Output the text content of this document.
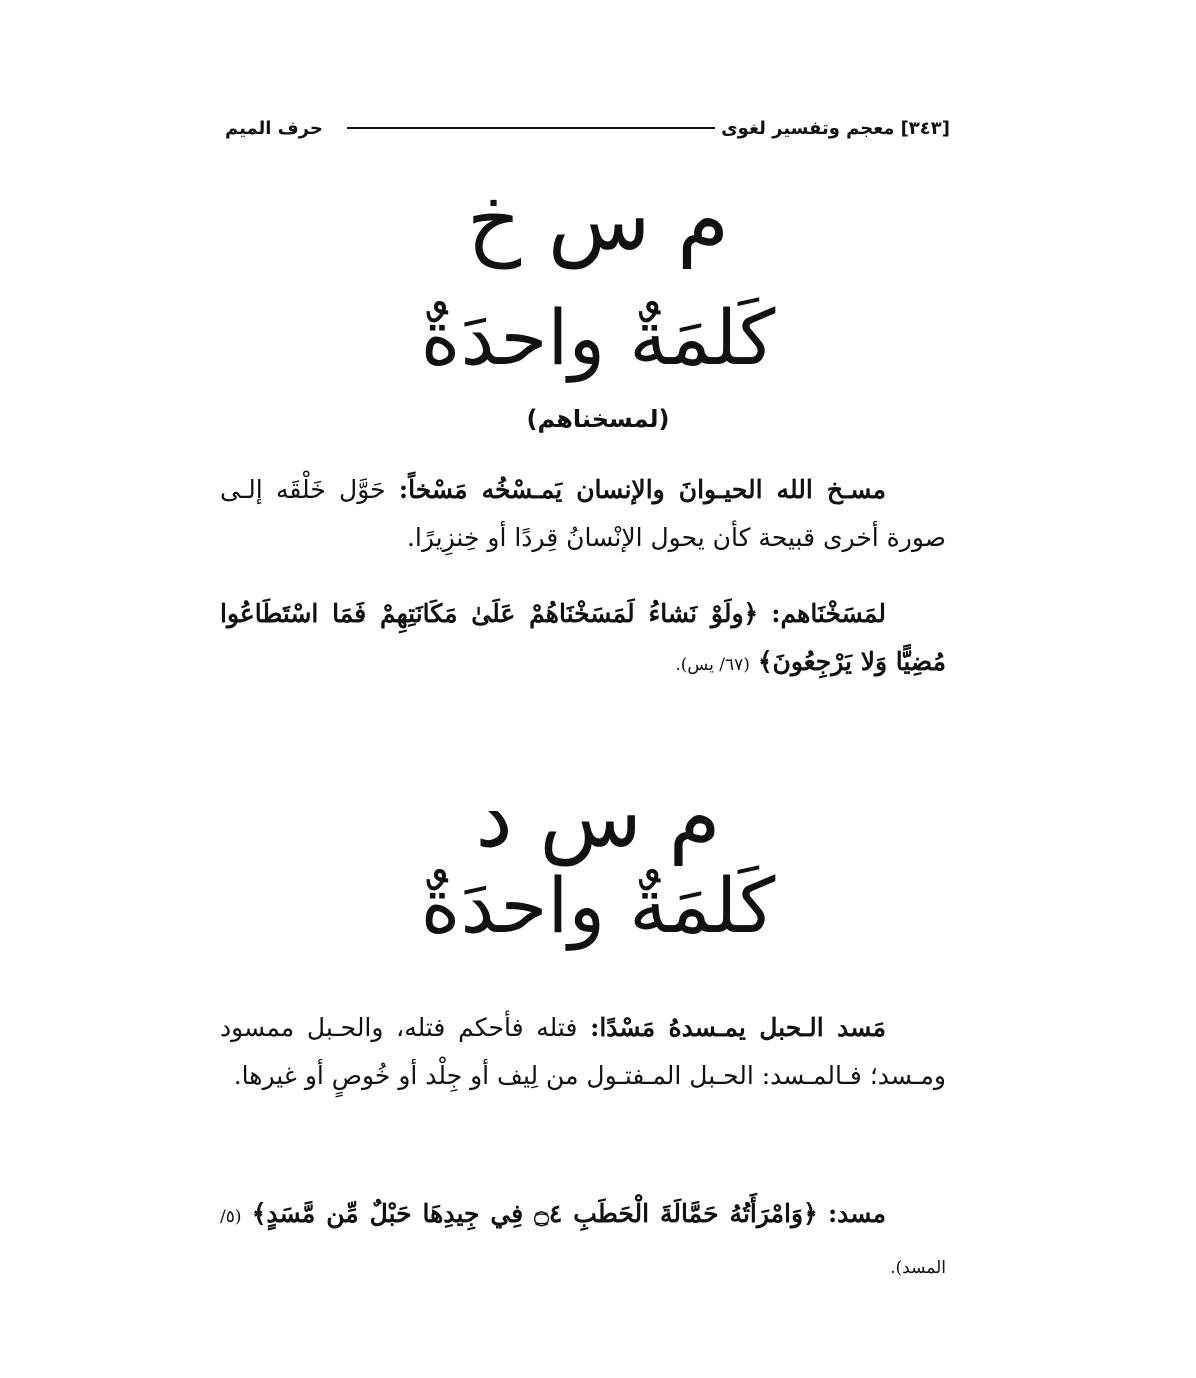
[٣٤٣]
معجم وتفسير لغوى
حرف الميم
م س خ
كَلمَةٌ واحدَةٌ
(لمسخناهم)
مسـخ الله الحيـوانَ والإنسان يَمـسْخُه مَسْخاً: حَوَّل خَلْقَه إلـى صورة أخرى قبيحة كأن يحول الإنْسانُ قِردًا أو خِنزِيرًا.
لمَسَخْنَاهم: ﴿ولَوْ نَشاءُ لَمَسَخْنَاهُمْ عَلَىٰ مَكَانَتِهِمْ فَمَا اسْتَطَاعُوا مُضِيًّا وَلا يَرْجِعُونَ﴾ (٦٧/ يس).
م س د
كَلمَةٌ واحدَةٌ
مَسد الـحبل يمـسدهُ مَسْدًا: فتله فأحكم فتله، والحـبل ممسود ومـسد؛ فـالمـسد: الحـبل المـفتـول من لِيف أو جِلْد أو خُوصٍ أو غيرها.
مسد: ﴿وَامْرَأَتُهُ حَمَّالَةَ الْحَطَبِ ۝٤ فِي جِيدِهَا حَبْلٌ مِّن مَّسَدٍ﴾ (٥/المسد).
